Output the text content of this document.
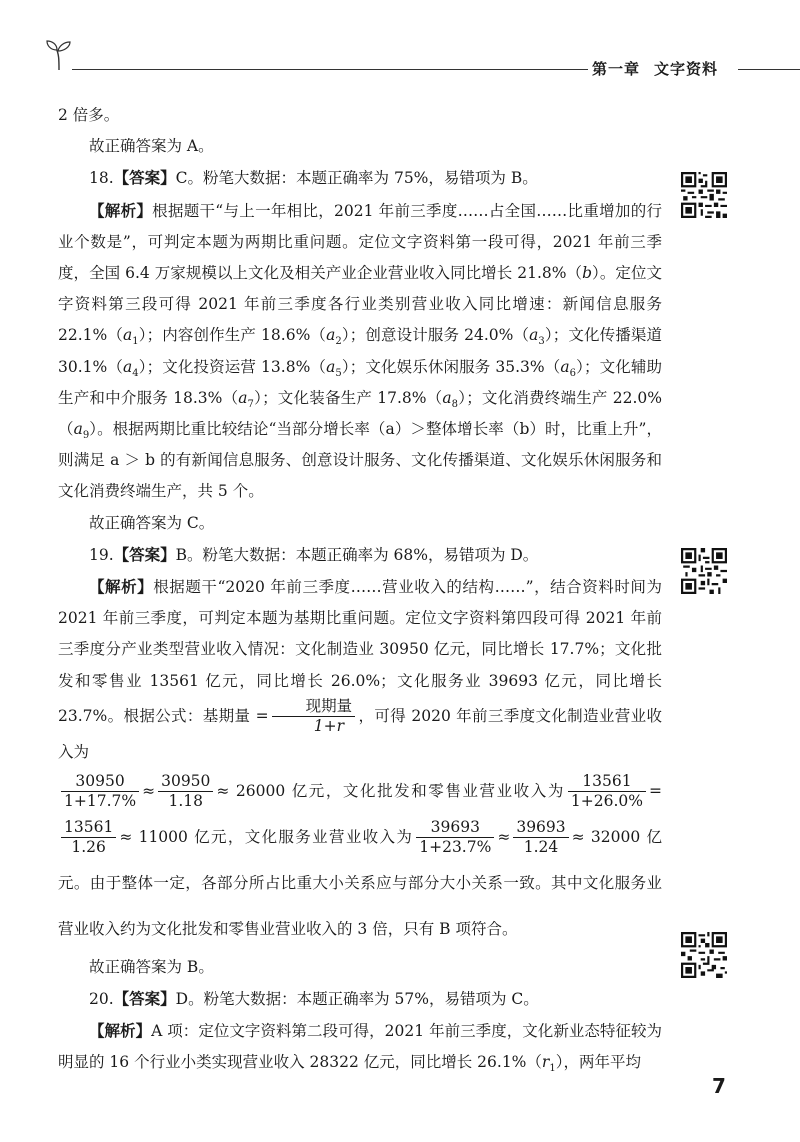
第一章 文字资料

2 倍多。

故正确答案为 A。

18.【答案】C。粉笔大数据：本题正确率为 75%，易错项为 B。

【解析】根据题干“与上一年相比，2021 年前三季度……占全国……比重增加的行业个数是”，可判定本题为两期比重问题。定位文字资料第一段可得，2021 年前三季度，全国 6.4 万家规模以上文化及相关产业企业营业收入同比增长 21.8%（b）。定位文字资料第三段可得 2021 年前三季度各行业类别营业收入同比增速：新闻信息服务 $22.1\%(a_1)$；内容创作生产 $18.6\%(a_2)$；创意设计服务 $24.0\%(a_3)$；文化传播渠道 $30.1\%(a_4)$；文化投资运营 $13.8\%(a_5)$；文化娱乐休闲服务 $35.3\%(a_6)$；文化辅助生产和中介服务 $18.3\%(a_7)$；文化装备生产 $17.8\%(a_8)$；文化消费终端生产 $22.0\%(a_9)$。根据两期比重比较结论“当部分增长率（a）＞整体增长率（b）时，比重上升”，则满足 a ＞ b 的有新闻信息服务、创意设计服务、文化传播渠道、文化娱乐休闲服务和文化消费终端生产，共 5 个。

故正确答案为 C。

19.【答案】B。粉笔大数据：本题正确率为 68%，易错项为 D。

【解析】根据题干“2020 年前三季度……营业收入的结构……”，结合资料时间为 2021 年前三季度，可判定本题为基期比重问题。定位文字资料第四段可得 2021 年前三季度分产业类型营业收入情况：文化制造业 30950 亿元，同比增长 17.7%；文化批发和零售业 13561 亿元，同比增长 26.0%；文化服务业 39693 亿元，同比增长 23.7%。根据公式：基期量 = $\frac{\text{现期量}}{1+r}$ ，可得 2020 年前三季度文化制造业营业收入为

$\frac{30950}{1+17.7\%} \approx \frac{30950}{1.18} \approx 26000$ 亿元，文化批发和零售业营业收入为 $\frac{13561}{1+26.0\%}$ =
$\frac{13561}{1.26} \approx 11000$ 亿元，文化服务业营业收入为 $\frac{39693}{1+23.7\%} \approx \frac{39693}{1.24} \approx 32000$ 亿元。由于整体一定，各部分所占比重大小关系应与部分大小关系一致。其中文化服务业营业收入约为文化批发和零售业营业收入的 3 倍，只有 B 项符合。

故正确答案为 B。

20.【答案】D。粉笔大数据：本题正确率为 57%，易错项为 C。

【解析】A 项：定位文字资料第二段可得，2021 年前三季度，文化新业态特征较为明显的 16 个行业小类实现营业收入 28322 亿元，同比增长 $26.1\%(r_1)$，两年平均

7
